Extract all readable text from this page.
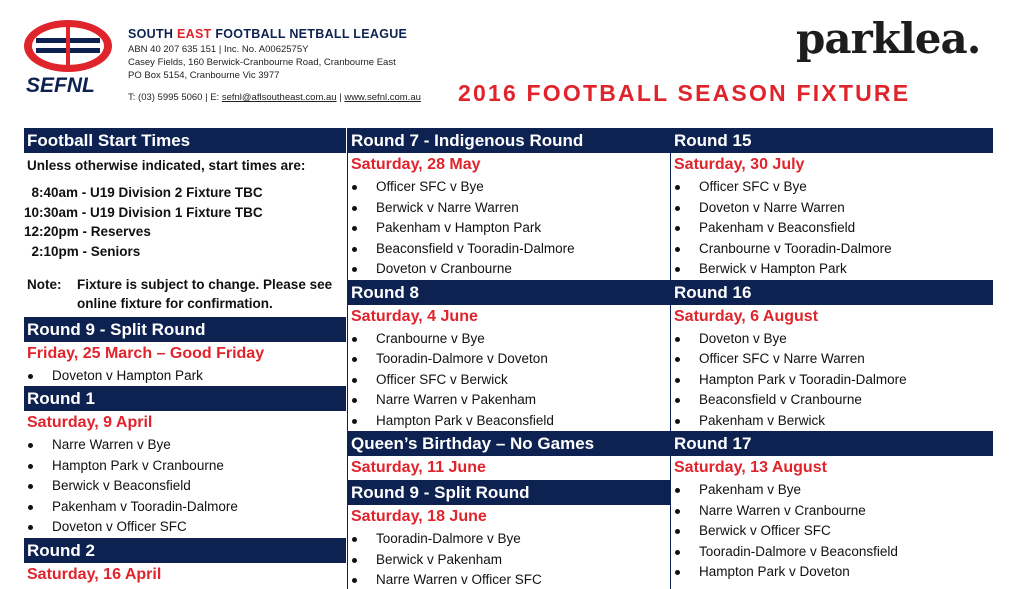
SEFNL
SOUTH EAST FOOTBALL NETBALL LEAGUE
ABN 40 207 635 151 | Inc. No. A0062575Y
Casey Fields, 160 Berwick-Cranbourne Road, Cranbourne East
PO Box 5154, Cranbourne Vic 3977
T: (03) 5995 5060 | E: sefnl@aflsoutheast.com.au | www.sefnl.com.au
parklea.
2016 FOOTBALL SEASON FIXTURE
Football Start Times
Unless otherwise indicated, start times are:
8:40am - U19 Division 2 Fixture TBC
10:30am - U19 Division 1 Fixture TBC
12:20pm - Reserves
2:10pm - Seniors
Note:	Fixture is subject to change. Please see online fixture for confirmation.
Round 9 - Split Round
Friday, 25 March – Good Friday
Doveton v Hampton Park
Round 1
Saturday, 9 April
Narre Warren v Bye
Hampton Park v Cranbourne
Berwick v Beaconsfield
Pakenham v Tooradin-Dalmore
Doveton v Officer SFC
Round 2
Saturday, 16 April
Round 7 - Indigenous Round
Saturday, 28 May
Officer SFC v Bye
Berwick v Narre Warren
Pakenham v Hampton Park
Beaconsfield v Tooradin-Dalmore
Doveton v Cranbourne
Round 8
Saturday, 4 June
Cranbourne v Bye
Tooradin-Dalmore v Doveton
Officer SFC v Berwick
Narre Warren v Pakenham
Hampton Park v Beaconsfield
Queen’s Birthday – No Games
Saturday, 11 June
Round 9 - Split Round
Saturday, 18 June
Tooradin-Dalmore v Bye
Berwick v Pakenham
Narre Warren v Officer SFC
Round 15
Saturday, 30 July
Officer SFC v Bye
Doveton v Narre Warren
Pakenham v Beaconsfield
Cranbourne v Tooradin-Dalmore
Berwick v Hampton Park
Round 16
Saturday, 6 August
Doveton v Bye
Officer SFC v Narre Warren
Hampton Park v Tooradin-Dalmore
Beaconsfield v Cranbourne
Pakenham v Berwick
Round 17
Saturday, 13 August
Pakenham v Bye
Narre Warren v Cranbourne
Berwick v Officer SFC
Tooradin-Dalmore v Beaconsfield
Hampton Park v Doveton
